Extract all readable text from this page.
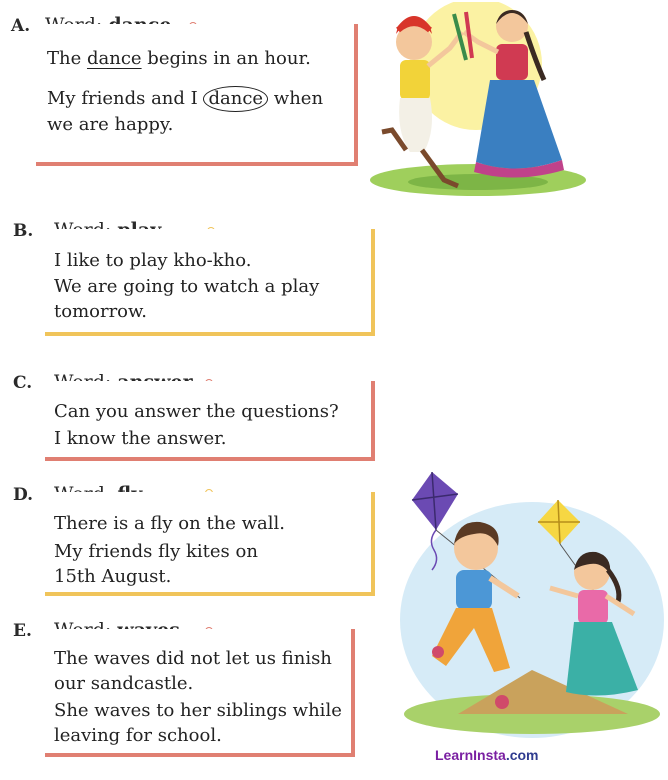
A.
The dance begins in an hour.
My friends and I dance when
we are happy.
B.
I like to play kho-kho.
We are going to watch a play
tomorrow.
C.
Can you answer the questions?
I know the answer.
D.
There is a fly on the wall.
My friends fly kites on
15th August.
E.
The waves did not let us finish
our sandcastle.
She waves to her siblings while
leaving for school.
LearnInsta.com
